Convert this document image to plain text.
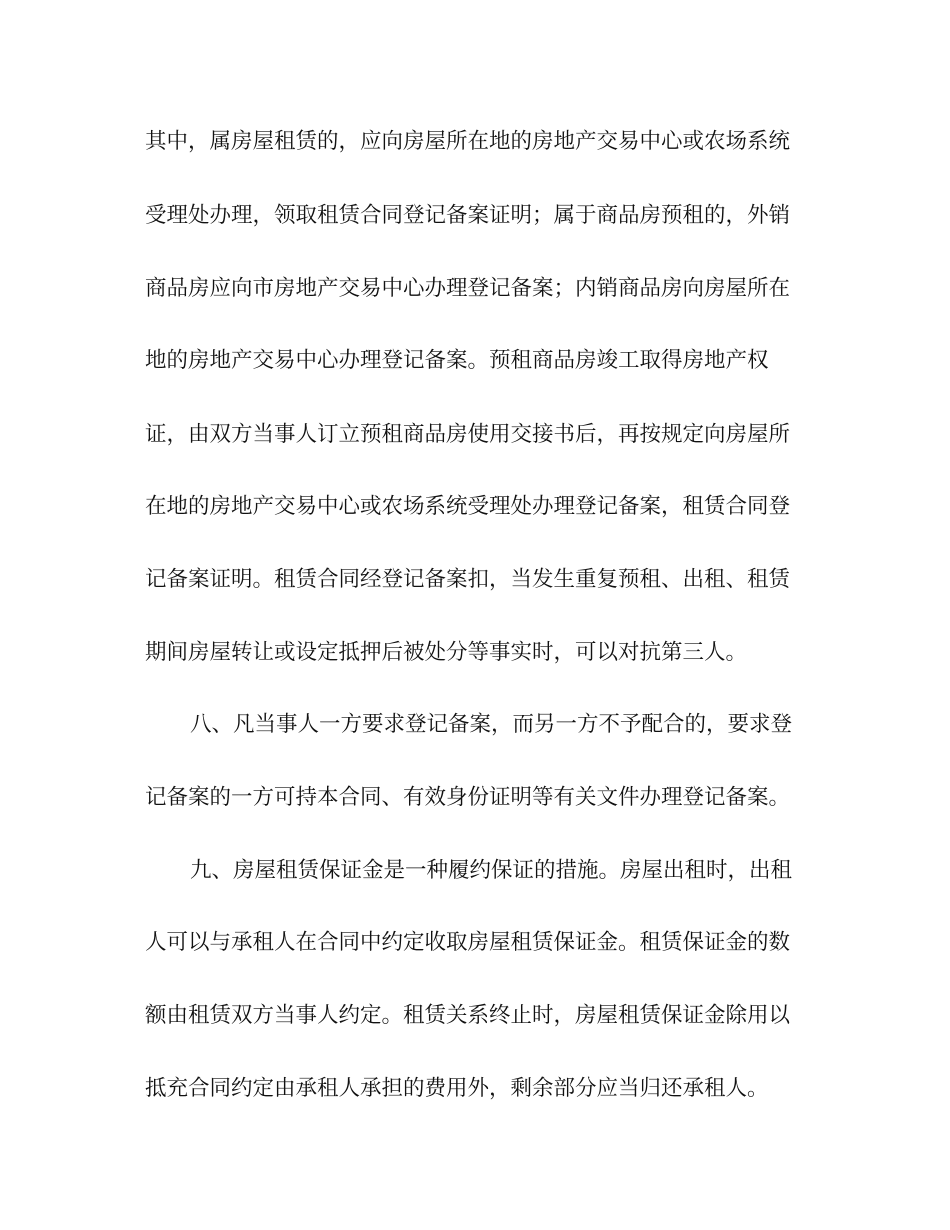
其中，属房屋租赁的，应向房屋所在地的房地产交易中心或农场系统
受理处办理，领取租赁合同登记备案证明；属于商品房预租的，外销
商品房应向市房地产交易中心办理登记备案；内销商品房向房屋所在
地的房地产交易中心办理登记备案。预租商品房竣工取得房地产权
证，由双方当事人订立预租商品房使用交接书后，再按规定向房屋所
在地的房地产交易中心或农场系统受理处办理登记备案，租赁合同登
记备案证明。租赁合同经登记备案扣，当发生重复预租、出租、租赁
期间房屋转让或设定抵押后被处分等事实时，可以对抗第三人。
八、凡当事人一方要求登记备案，而另一方不予配合的，要求登
记备案的一方可持本合同、有效身份证明等有关文件办理登记备案。
九、房屋租赁保证金是一种履约保证的措施。房屋出租时，出租
人可以与承租人在合同中约定收取房屋租赁保证金。租赁保证金的数
额由租赁双方当事人约定。租赁关系终止时，房屋租赁保证金除用以
抵充合同约定由承租人承担的费用外，剩余部分应当归还承租人。
